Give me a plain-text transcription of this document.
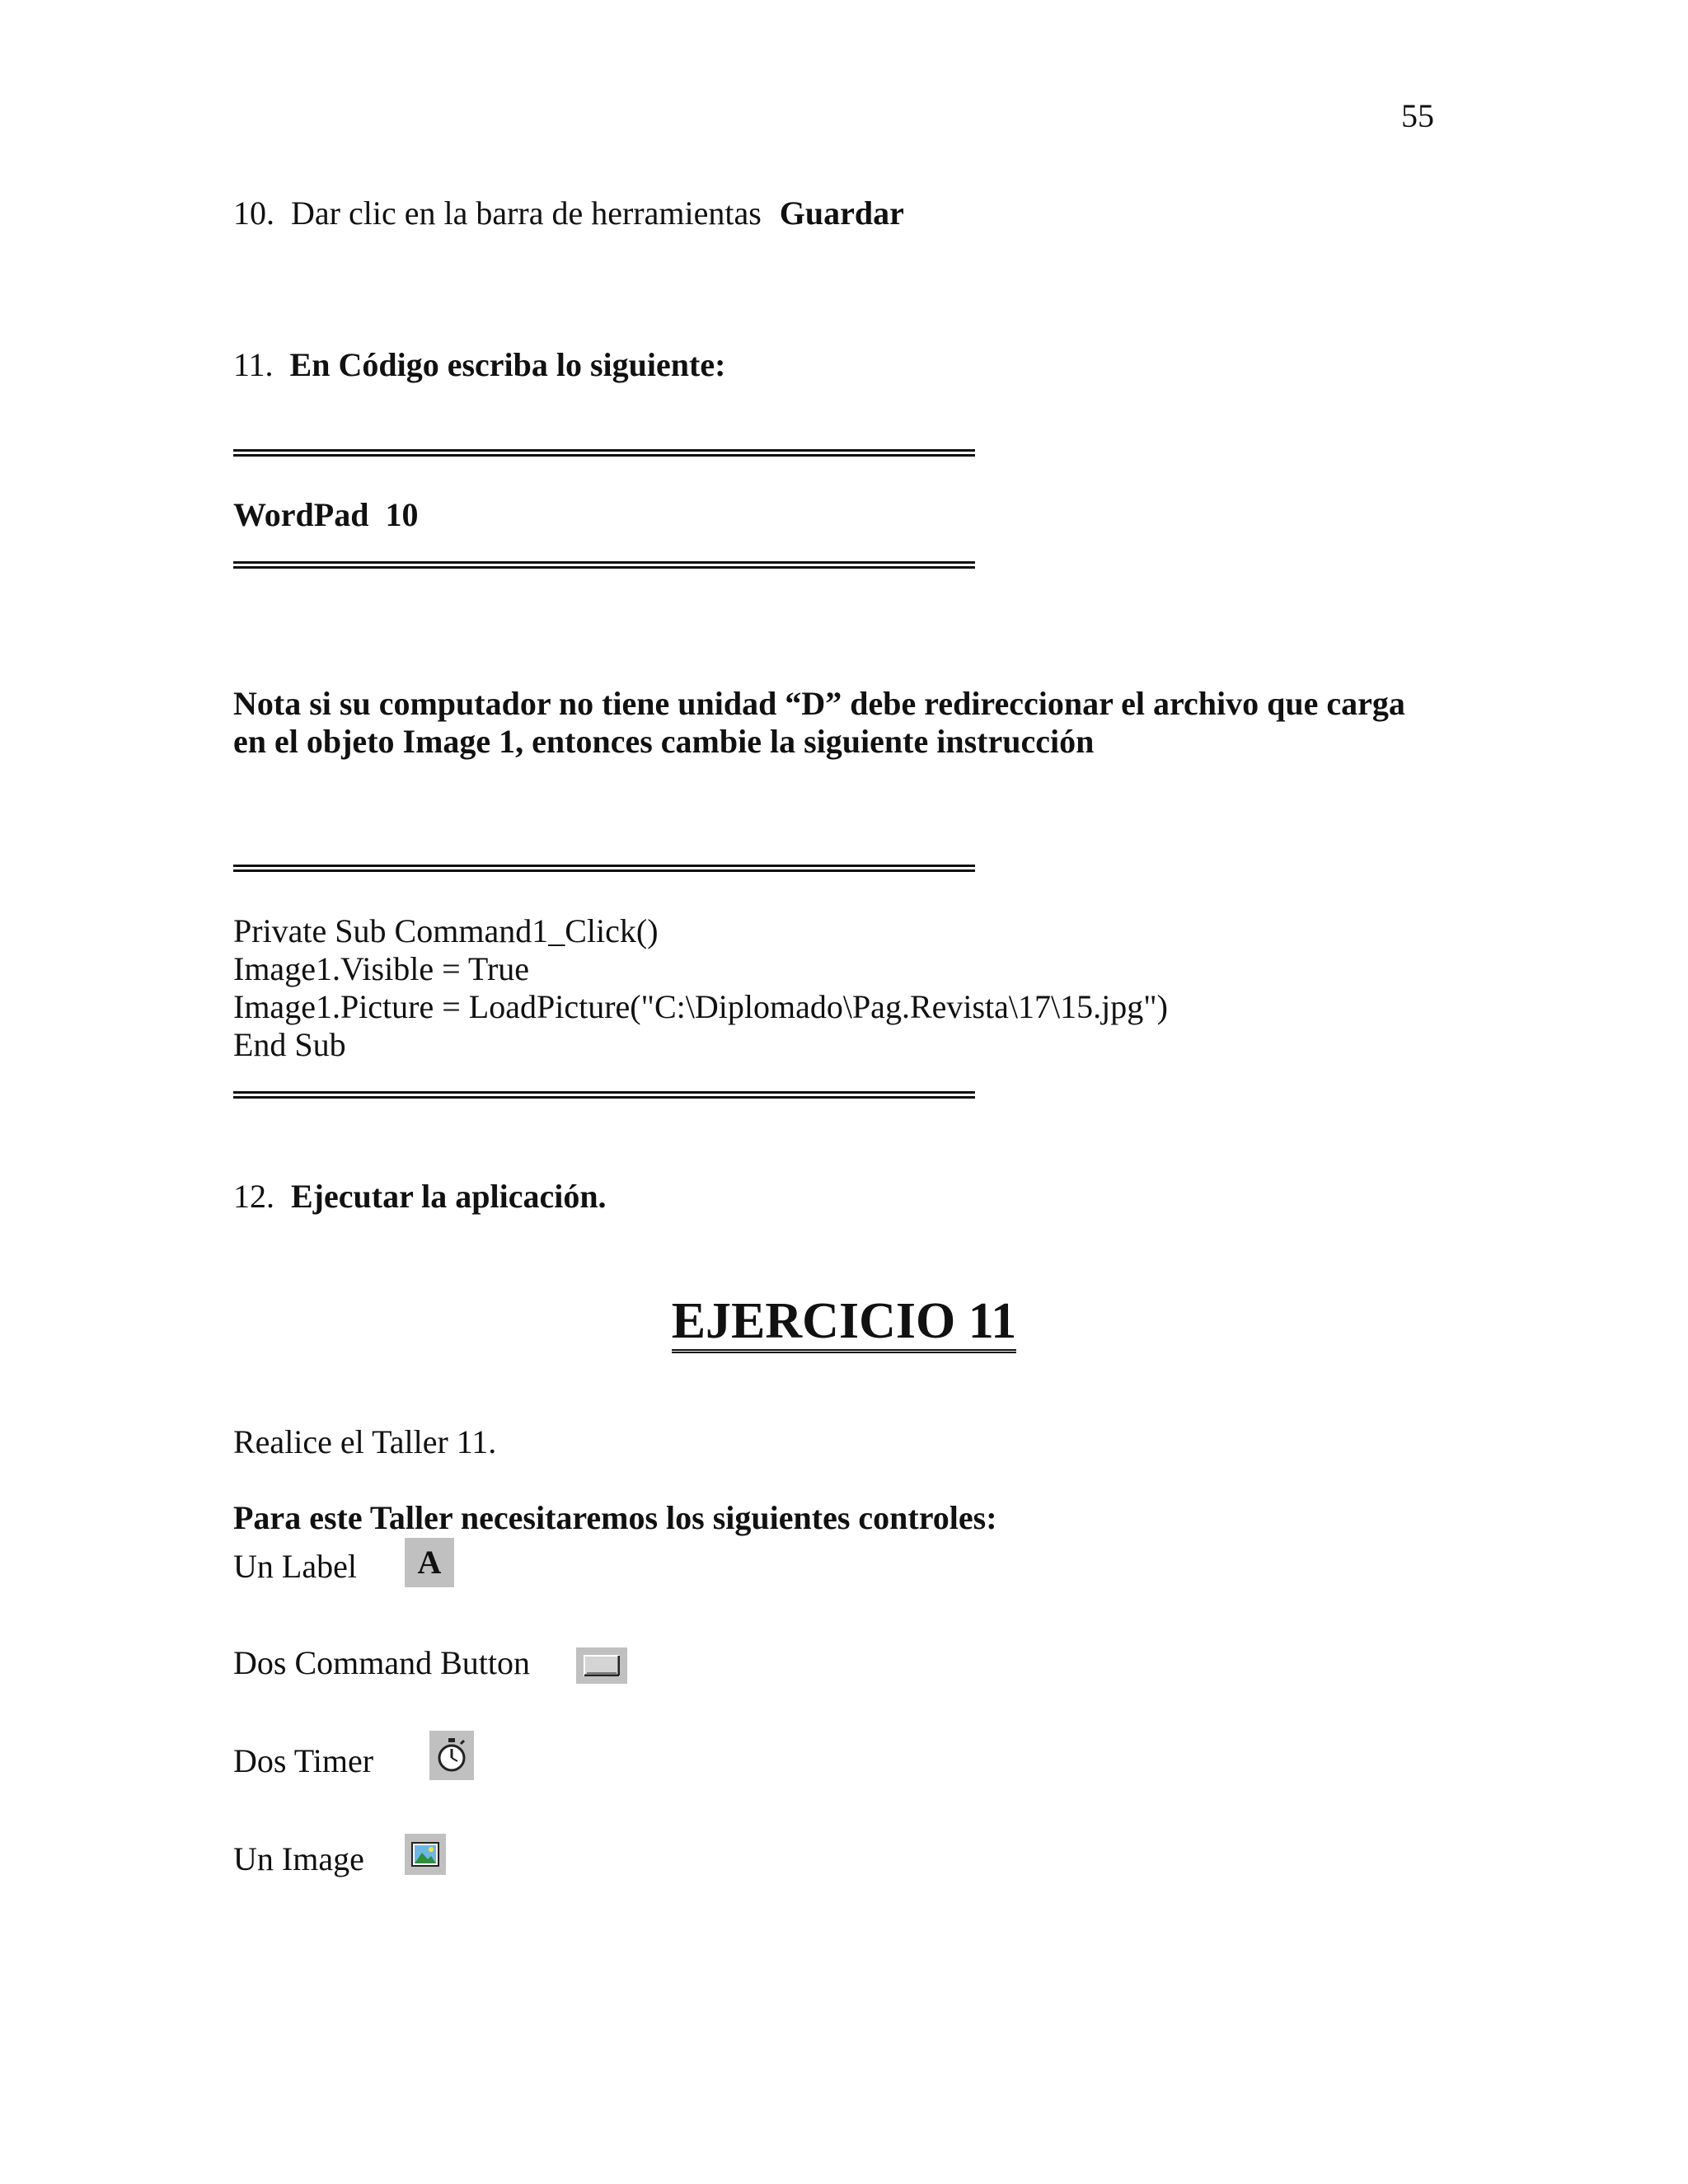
55
10. Dar clic en la barra de herramientas Guardar
11. En Código escriba lo siguiente:
WordPad  10
Nota si su computador no tiene unidad “D” debe redireccionar el archivo que carga
en el objeto Image 1, entonces cambie la siguiente instrucción
Private Sub Command1_Click()
Image1.Visible = True
Image1.Picture = LoadPicture("C:\Diplomado\Pag.Revista\17\15.jpg")
End Sub
12. Ejecutar la aplicación.
EJERCICIO 11
Realice el Taller 11.
Para este Taller necesitaremos los siguientes controles:
Un Label A
Dos Command Button
Dos Timer
Un Image
